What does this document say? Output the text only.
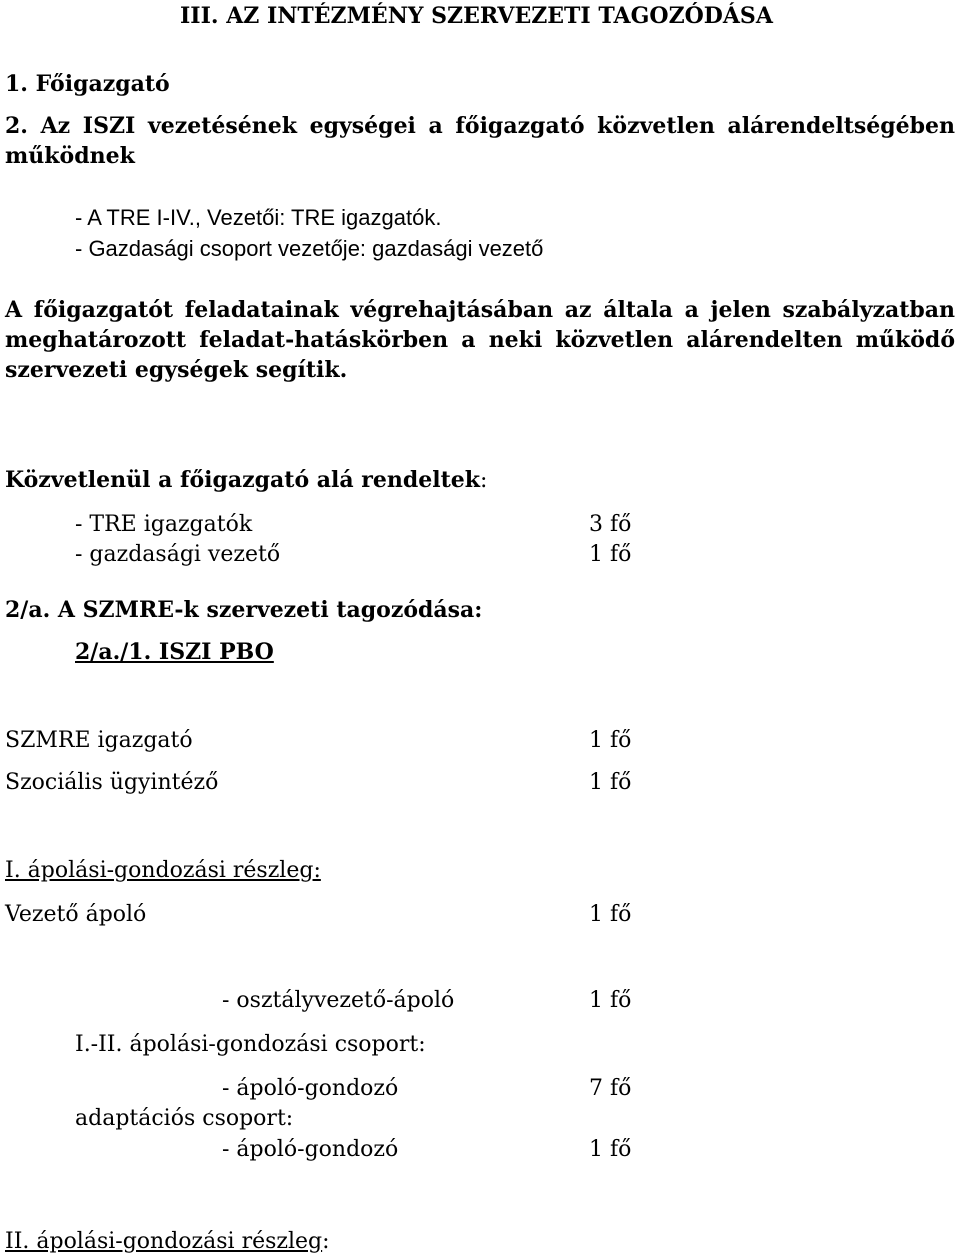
III. AZ INTÉZMÉNY SZERVEZETI TAGOZÓDÁSA
1. Főigazgató
2. Az ISZI vezetésének egységei a főigazgató közvetlen alárendeltségében
működnek
- A TRE I-IV., Vezetői: TRE igazgatók.
- Gazdasági csoport vezetője: gazdasági vezető
A főigazgatót feladatainak végrehajtásában az általa a jelen szabályzatban
meghatározott feladat-hatáskörben a neki közvetlen alárendelten működő
szervezeti egységek segítik.
Közvetlenül a főigazgató alá rendeltek:
- TRE igazgatók	3 fő
- gazdasági vezető	1 fő
2/a. A SZMRE-k szervezeti tagozódása:
2/a./1. ISZI PBO
SZMRE igazgató	1 fő
Szociális ügyintéző	1 fő
I. ápolási-gondozási részleg:
Vezető ápoló	1 fő
- osztályvezető-ápoló	1 fő
I.-II. ápolási-gondozási csoport:
- ápoló-gondozó	7 fő
adaptációs csoport:
- ápoló-gondozó	1 fő
II. ápolási-gondozási részleg:
